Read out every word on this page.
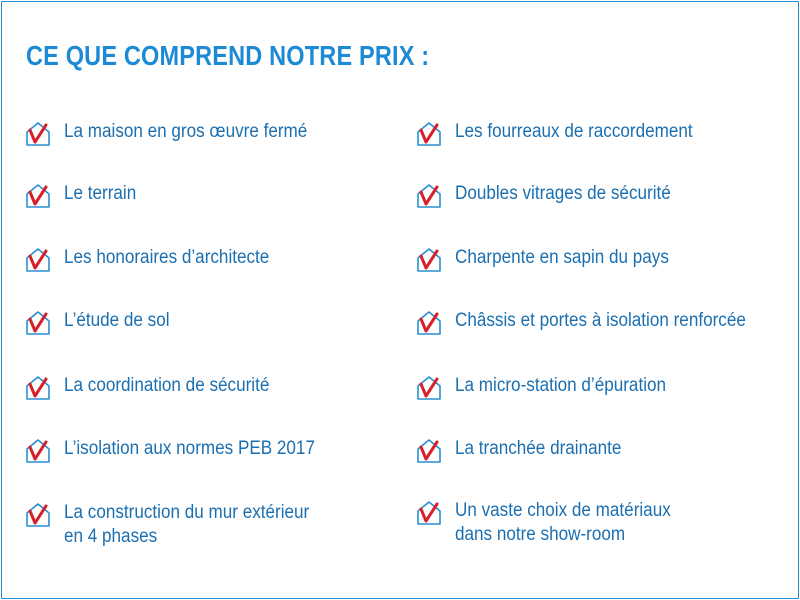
CE QUE COMPREND NOTRE PRIX :
La maison en gros œuvre fermé
Le terrain
Les honoraires d’architecte
L’étude de sol
La coordination de sécurité
L’isolation aux normes PEB 2017
La construction du mur extérieur
en 4 phases
Les fourreaux de raccordement
Doubles vitrages de sécurité
Charpente en sapin du pays
Châssis et portes à isolation renforcée
La micro-station d’épuration
La tranchée drainante
Un vaste choix de matériaux
dans notre show-room
